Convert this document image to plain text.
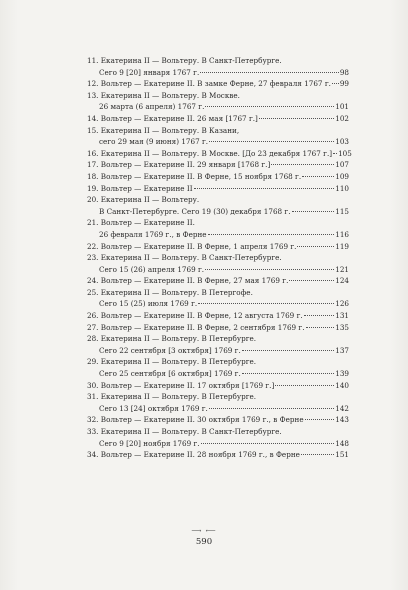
11. Екатерина II — Вольтеру. В Санкт-Петербурге.
Сего 9 [20] января 1767 г.	98
12. Вольтер — Екатерине II. В замке Ферне, 27 февраля 1767 г. 99
13. Екатерина II — Вольтеру. В Москве.
26 марта (6 апреля) 1767 г.	101
14. Вольтер — Екатерине II. 26 мая [1767 г.]	102
15. Екатерина II — Вольтеру. В Казани,
сего 29 мая (9 июня) 1767 г.	103
16. Екатерина II — Вольтеру. В Москве. [До 23 декабря 1767 г.] 105
17. Вольтер — Екатерине II. 29 января [1768 г.]	107
18. Вольтер — Екатерине II. В Ферне, 15 ноября 1768 г.	109
19. Вольтер — Екатерине II	110
20. Екатерина II — Вольтеру.
В Санкт-Петербурге. Сего 19 (30) декабря 1768 г.	115
21. Вольтер — Екатерине II.
26 февраля 1769 г., в Ферне	116
22. Вольтер — Екатерине II. В Ферне, 1 апреля 1769 г.	119
23. Екатерина II — Вольтеру. В Санкт-Петербурге.
Сего 15 (26) апреля 1769 г.	121
24. Вольтер — Екатерине II. В Ферне, 27 мая 1769 г.	124
25. Екатерина II — Вольтеру. В Петергофе.
Сего 15 (25) июля 1769 г.	126
26. Вольтер — Екатерине II. В Ферне, 12 августа 1769 г.	131
27. Вольтер — Екатерине II. В Ферне, 2 сентября 1769 г.	135
28. Екатерина II — Вольтеру. В Петербурге.
Сего 22 сентября [3 октября] 1769 г.	137
29. Екатерина II — Вольтеру. В Петербурге.
Сего 25 сентября [6 октября] 1769 г.	139
30. Вольтер — Екатерине II. 17 октября [1769 г.]	140
31. Екатерина II — Вольтеру. В Петербурге.
Сего 13 [24] октября 1769 г.	142
32. Вольтер — Екатерине II. 30 октября 1769 г., в Ферне	143
33. Екатерина II — Вольтеру. В Санкт-Петербурге.
Сего 9 [20] ноября 1769 г.	148
34. Вольтер — Екатерине II. 28 ноября 1769 г., в Ферне	151
⟶ ⟵
590
